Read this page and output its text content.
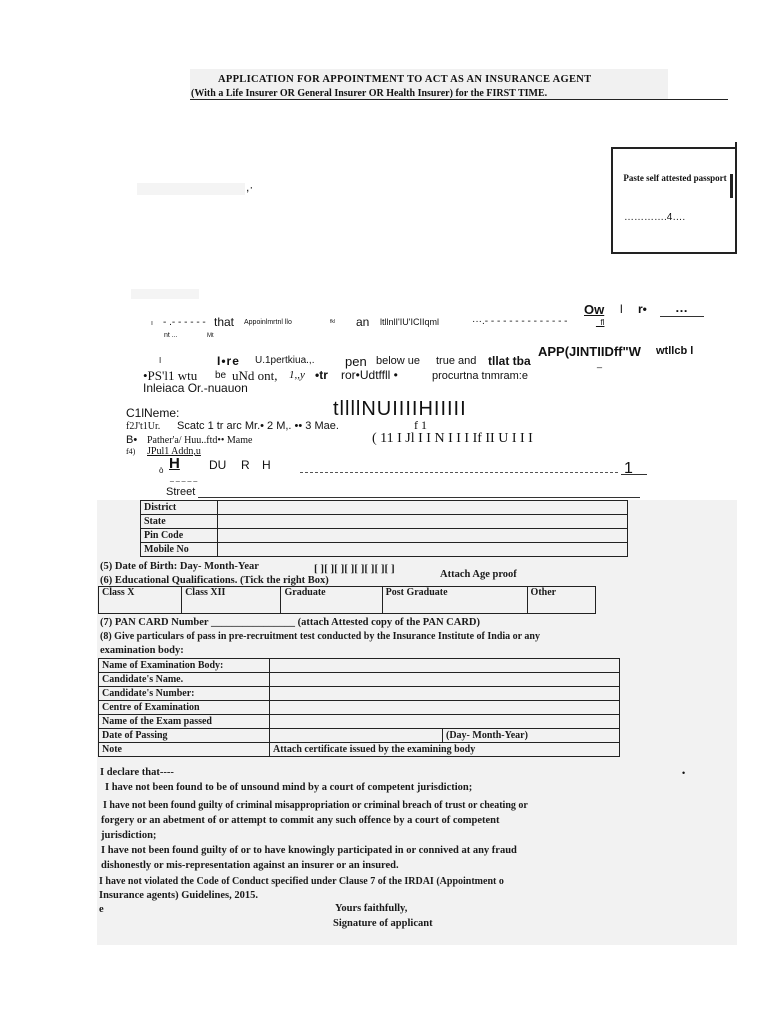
APPLICATION FOR APPOINTMENT TO ACT AS AN INSURANCE AGENT
(With a Life Insurer OR General Insurer OR Health Insurer) for the FIRST TIME.
,·
Paste self attested passport
………….4….
Ow l r• …
ı - .- - - - - - that Appoinlmrtnl llo	fkl an ltllnlI'IU'ICIIqml	···.- - - - - - - - - - - - - -	_fl
nt ...	Mt
I	I•re U.1pertkiua.,. pen below ue true and tllat tba
APP(JINTIIDff"W wtllcb l
_
•PS'l1 wtu be uNd ont, 1,,y •tr ror•Udtffll •	procurtna tnmram:e
Inleiaca Or.-nuauon
C1lNeme:	tllllNUIIIIHIIIII
f2J't1Ur. Scatc 1 tr arc Mr.• 2 M,. •• 3 Mae.	f 1
B• Pather'a/ Huu..ftd•• Mame	( 11 I Jl I I N I I I If II U I I I
f4) JPul1 Addn,u
ò H DU R H
_ _ _ _ _
1
Street
District	
State	
Pin Code	
Mobile No	
(5) Date of Birth: Day- Month-Year	[ ][ ][ ][ ][ ][ ][ ][ ]	Attach Age proof
(6) Educational Qualifications. (Tick the right Box)
Class X	Class XII	Graduate	Post Graduate	Other
(7) PAN CARD Number ________________ (attach Attested copy of the PAN CARD)
(8) Give particulars of pass in pre-recruitment test conducted by the Insurance Institute of India or any
examination body:
Name of Examination Body:		
Candidate's Name.		
Candidate's Number:		
Centre of Examination		
Name of the Exam passed		
Date of Passing		(Day- Month-Year)
Note	Attach certificate issued by the examining body	
I declare that----	•
I have not been found to be of unsound mind by a court of competent jurisdiction;
I have not been found guilty of criminal misappropriation or criminal breach of trust or cheating or
forgery or an abetment of or attempt to commit any such offence by a court of competent
jurisdiction;
I have not been found guilty of or to have knowingly participated in or connived at any fraud
dishonestly or mis-representation against an insurer or an insured.
I have not violated the Code of Conduct specified under Clause 7 of the IRDAI (Appointment o
Insurance agents) Guidelines, 2015.
e	Yours faithfully,
Signature of applicant
